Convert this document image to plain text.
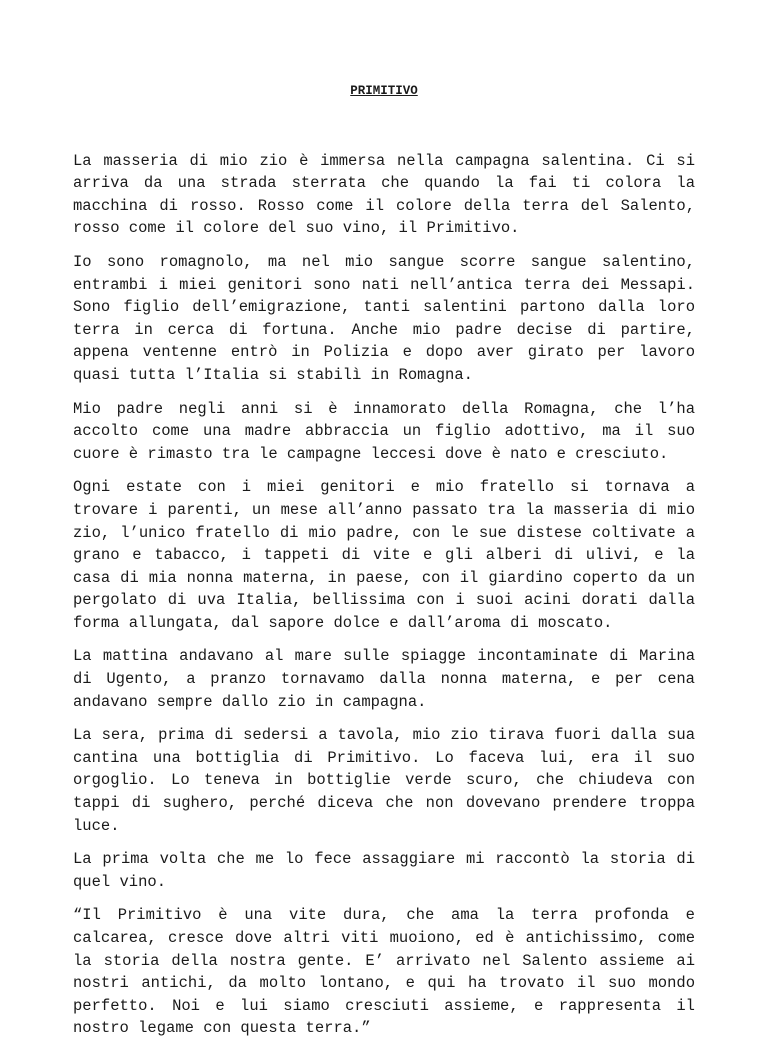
PRIMITIVO

La masseria di mio zio è immersa nella campagna salentina. Ci si arriva da una strada sterrata che quando la fai ti colora la macchina di rosso. Rosso come il colore della terra del Salento, rosso come il colore del suo vino, il Primitivo.

Io sono romagnolo, ma nel mio sangue scorre sangue salentino, entrambi i miei genitori sono nati nell’antica terra dei Messapi. Sono figlio dell’emigrazione, tanti salentini partono dalla loro terra in cerca di fortuna. Anche mio padre decise di partire, appena ventenne entrò in Polizia e dopo aver girato per lavoro quasi tutta l’Italia si stabilì in Romagna.

Mio padre negli anni si è innamorato della Romagna, che l’ha accolto come una madre abbraccia un figlio adottivo, ma il suo cuore è rimasto tra le campagne leccesi dove è nato e cresciuto.

Ogni estate con i miei genitori e mio fratello si tornava a trovare i parenti, un mese all’anno passato tra la masseria di mio zio, l’unico fratello di mio padre, con le sue distese coltivate a grano e tabacco, i tappeti di vite e gli alberi di ulivi, e la casa di mia nonna materna, in paese, con il giardino coperto da un pergolato di uva Italia, bellissima con i suoi acini dorati dalla forma allungata, dal sapore dolce e dall’aroma di moscato.

La mattina andavano al mare sulle spiagge incontaminate di Marina di Ugento, a pranzo tornavamo dalla nonna materna, e per cena andavano sempre dallo zio in campagna.

La sera, prima di sedersi a tavola, mio zio tirava fuori dalla sua cantina una bottiglia di Primitivo. Lo faceva lui, era il suo orgoglio. Lo teneva in bottiglie verde scuro, che chiudeva con tappi di sughero, perché diceva che non dovevano prendere troppa luce.

La prima volta che me lo fece assaggiare mi raccontò la storia di quel vino.

“Il Primitivo è una vite dura, che ama la terra profonda e calcarea, cresce dove altri viti muoiono, ed è antichissimo, come la storia della nostra gente. E’ arrivato nel Salento assieme ai nostri antichi, da molto lontano, e qui ha trovato il suo mondo perfetto. Noi e lui siamo cresciuti assieme, e rappresenta il nostro legame con questa terra.”
